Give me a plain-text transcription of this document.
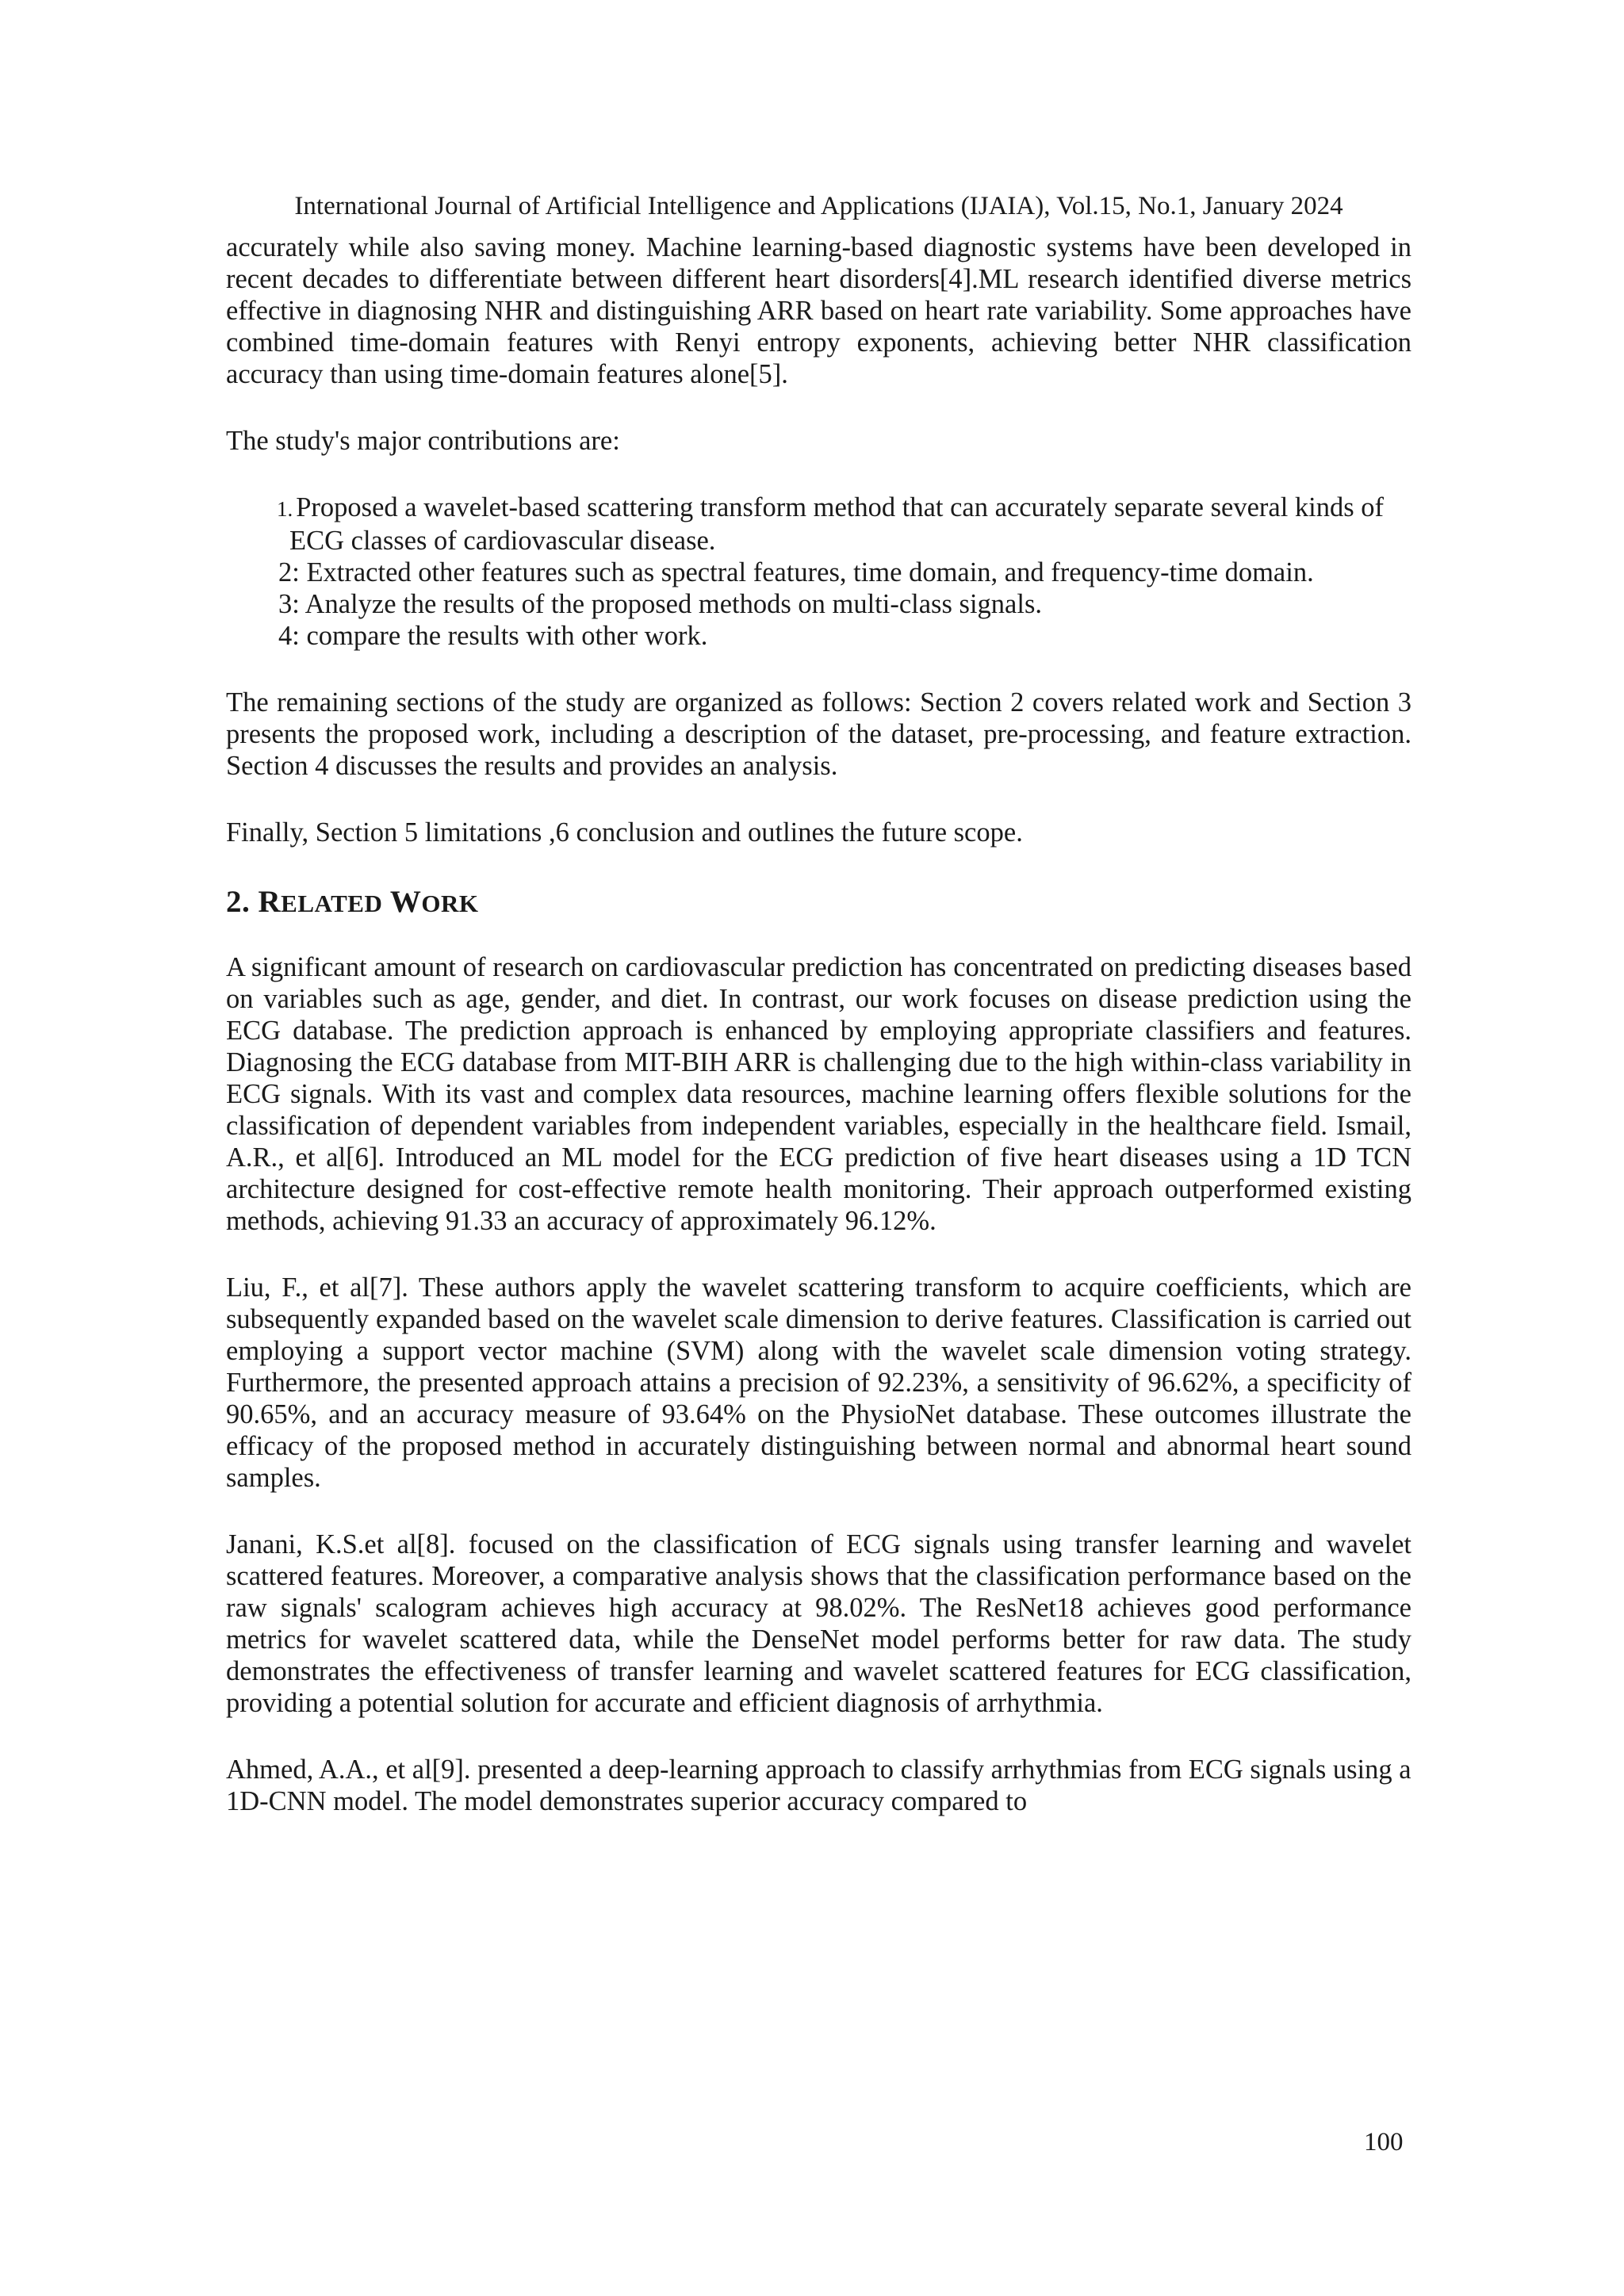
International Journal of Artificial Intelligence and Applications (IJAIA), Vol.15, No.1, January 2024

accurately while also saving money. Machine learning-based diagnostic systems have been developed in recent decades to differentiate between different heart disorders[4].ML research identified diverse metrics effective in diagnosing NHR and distinguishing ARR based on heart rate variability. Some approaches have combined time-domain features with Renyi entropy exponents, achieving better NHR classification accuracy than using time-domain features alone[5].

The study's major contributions are:

1. Proposed a wavelet-based scattering transform method that can accurately separate several kinds of ECG classes of cardiovascular disease.
2: Extracted other features such as spectral features, time domain, and frequency-time domain.
3: Analyze the results of the proposed methods on multi-class signals.
4: compare the results with other work.

The remaining sections of the study are organized as follows: Section 2 covers related work and Section 3 presents the proposed work, including a description of the dataset, pre-processing, and feature extraction. Section 4 discusses the results and provides an analysis.

Finally, Section 5 limitations ,6 conclusion and outlines the future scope.

2. RELATED WORK

A significant amount of research on cardiovascular prediction has concentrated on predicting diseases based on variables such as age, gender, and diet. In contrast, our work focuses on disease prediction using the ECG database. The prediction approach is enhanced by employing appropriate classifiers and features. Diagnosing the ECG database from MIT-BIH ARR is challenging due to the high within-class variability in ECG signals. With its vast and complex data resources, machine learning offers flexible solutions for the classification of dependent variables from independent variables, especially in the healthcare field. Ismail, A.R., et al[6]. Introduced an ML model for the ECG prediction of five heart diseases using a 1D TCN architecture designed for cost-effective remote health monitoring. Their approach outperformed existing methods, achieving 91.33 an accuracy of approximately 96.12%.

Liu, F., et al[7]. These authors apply the wavelet scattering transform to acquire coefficients, which are subsequently expanded based on the wavelet scale dimension to derive features. Classification is carried out employing a support vector machine (SVM) along with the wavelet scale dimension voting strategy. Furthermore, the presented approach attains a precision of 92.23%, a sensitivity of 96.62%, a specificity of 90.65%, and an accuracy measure of 93.64% on the PhysioNet database. These outcomes illustrate the efficacy of the proposed method in accurately distinguishing between normal and abnormal heart sound samples.

Janani, K.S.et al[8]. focused on the classification of ECG signals using transfer learning and wavelet scattered features. Moreover, a comparative analysis shows that the classification performance based on the raw signals' scalogram achieves high accuracy at 98.02%. The ResNet18 achieves good performance metrics for wavelet scattered data, while the DenseNet model performs better for raw data. The study demonstrates the effectiveness of transfer learning and wavelet scattered features for ECG classification, providing a potential solution for accurate and efficient diagnosis of arrhythmia.

Ahmed, A.A., et al[9]. presented a deep-learning approach to classify arrhythmias from ECG signals using a 1D-CNN model. The model demonstrates superior accuracy compared to

100
